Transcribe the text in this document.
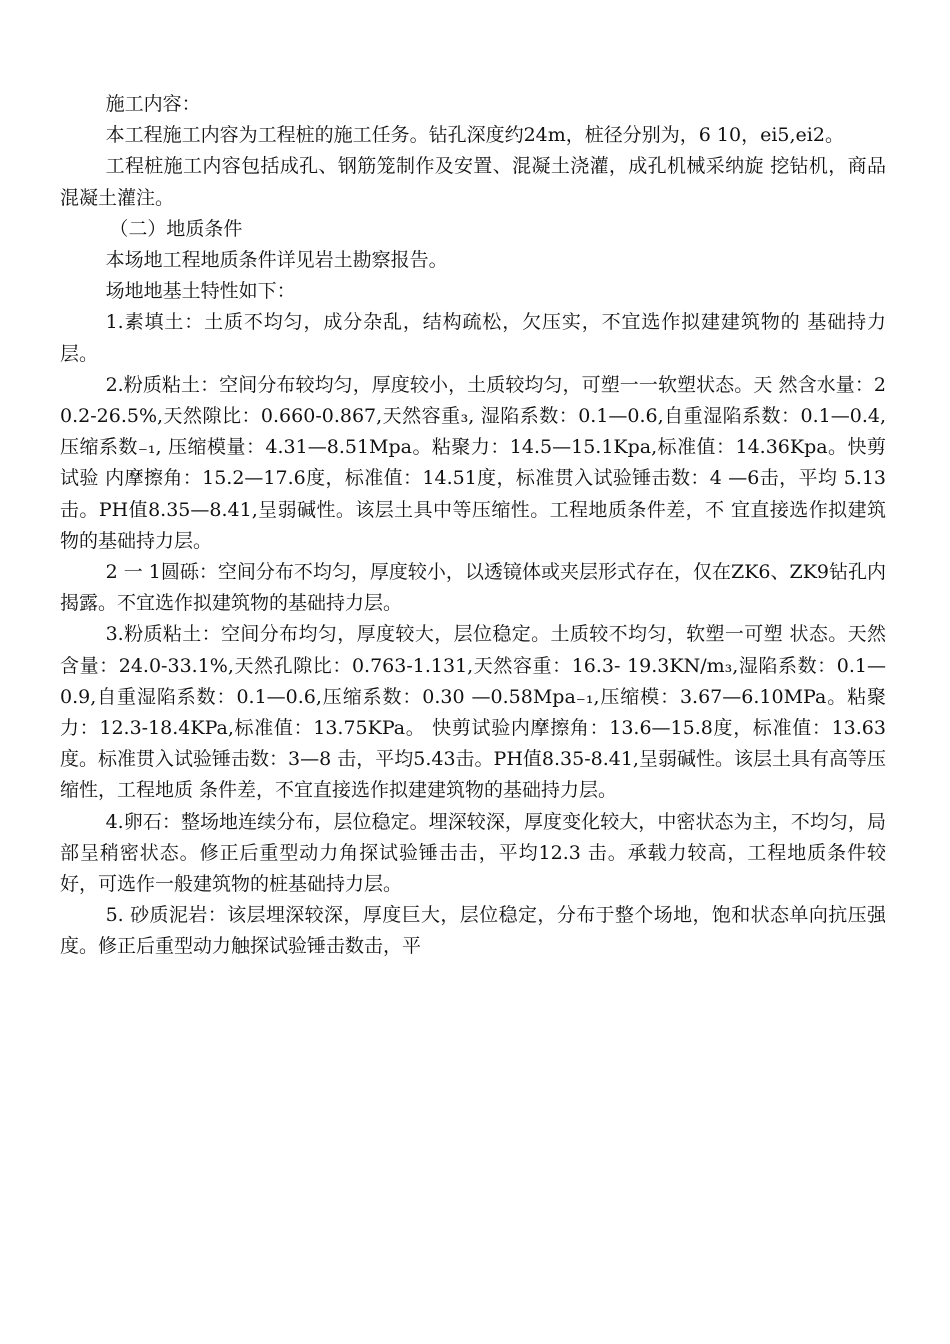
施工内容：

本工程施工内容为工程桩的施工任务。钻孔深度约24m，桩径分别为，6 10，ei5,ei2。

工程桩施工内容包括成孔、钢筋笼制作及安置、混凝土浇灌，成孔机械采纳旋 挖钻机，商品混凝土灌注。

（二）地质条件

本场地工程地质条件详见岩土勘察报告。

场地地基土特性如下：

1.素填土：土质不均匀，成分杂乱，结构疏松，欠压实，不宜选作拟建建筑物的 基础持力层。

2.粉质粘土：空间分布较均匀，厚度较小，土质较均匀，可塑一一软塑状态。天 然含水量：20.2-26.5%,天然隙比：0.660-0.867,天然容重₃, 湿陷系数：0.1—0.6,自重湿陷系数：0.1—0.4,压缩系数₋₁, 压缩模量：4.31—8.51Mpa。粘聚力：14.5—15.1Kpa,标准值：14.36Kpa。快剪试验 内摩擦角：15.2—17.6度，标准值：14.51度，标准贯入试验锤击数：4 —6击，平均 5.13击。PH值8.35—8.41,呈弱碱性。该层土具中等压缩性。工程地质条件差，不 宜直接选作拟建筑物的基础持力层。

2 一 1圆砾：空间分布不均匀，厚度较小，以透镜体或夹层形式存在，仅在ZK6、ZK9钻孔内揭露。不宜选作拟建筑物的基础持力层。

3.粉质粘土：空间分布均匀，厚度较大，层位稳定。土质较不均匀，软塑一可塑 状态。天然含量：24.0-33.1%,天然孔隙比：0.763-1.131,天然容重：16.3- 19.3KN/m₃,湿陷系数：0.1—0.9,自重湿陷系数：0.1—0.6,压缩系数：0.30 —0.58Mpa₋₁,压缩模：3.67—6.10MPa。粘聚力：12.3-18.4KPa,标准值：13.75KPa。 快剪试验内摩擦角：13.6—15.8度，标准值：13.63度。标准贯入试验锤击数：3—8 击，平均5.43击。PH值8.35-8.41,呈弱碱性。该层土具有高等压缩性，工程地质 条件差，不宜直接选作拟建建筑物的基础持力层。

4.卵石：整场地连续分布，层位稳定。埋深较深，厚度变化较大，中密状态为主，不均匀，局部呈稍密状态。修正后重型动力角探试验锤击击，平均12.3 击。承载力较高，工程地质条件较好，可选作一般建筑物的桩基础持力层。

5. 砂质泥岩：该层埋深较深，厚度巨大，层位稳定，分布于整个场地，饱和状态单向抗压强度。修正后重型动力触探试验锤击数击，平
